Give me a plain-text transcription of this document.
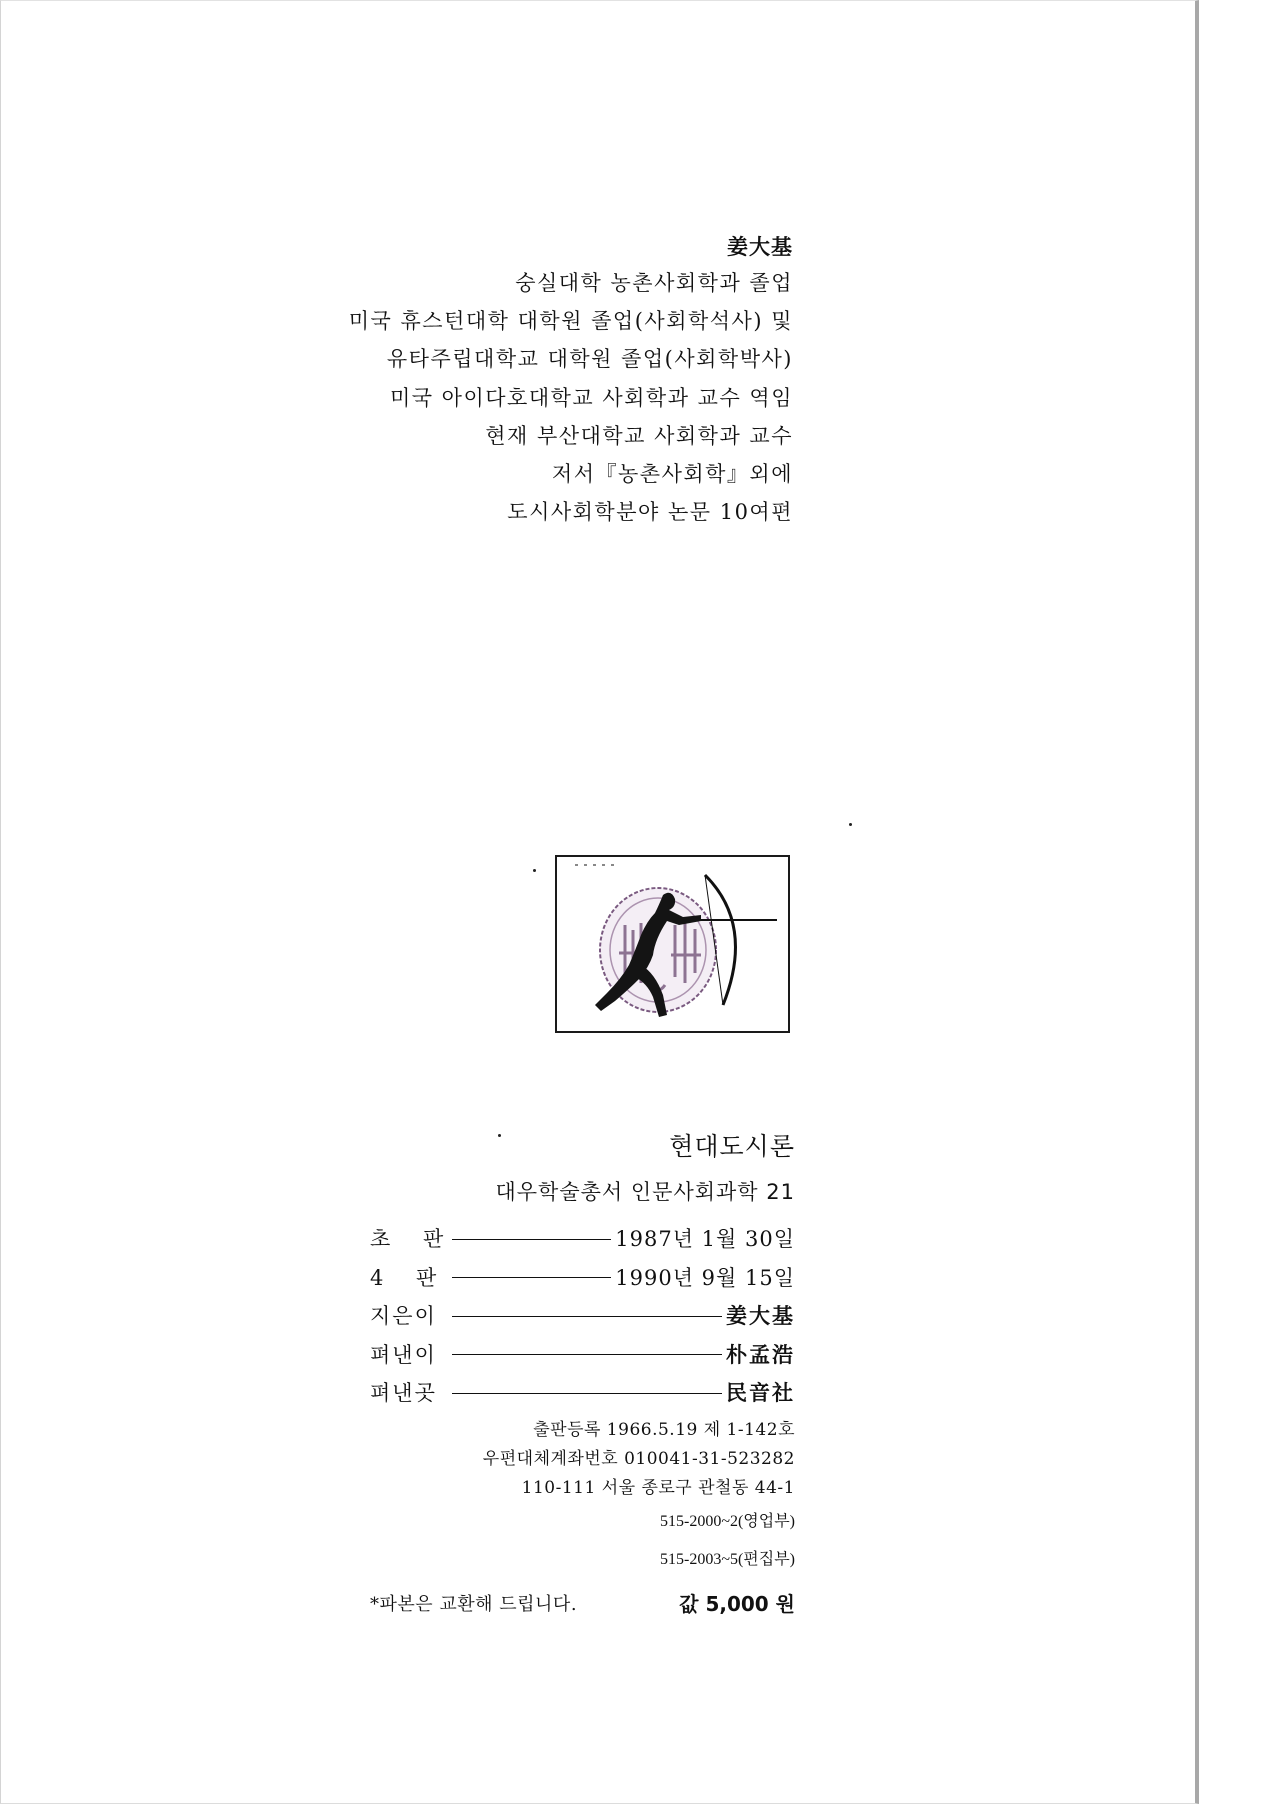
姜大基
숭실대학 농촌사회학과 졸업
미국 휴스턴대학 대학원 졸업(사회학석사) 및
유타주립대학교 대학원 졸업(사회학박사)
미국 아이다호대학교 사회학과 교수 역임
현재 부산대학교 사회학과 교수
저서『농촌사회학』외에
도시사회학분야 논문 10여편
현대도시론
대우학술총서 인문사회과학 21
초 판	1987년 1월 30일
4 판	1990년 9월 15일
지은이	姜大基
펴낸이	朴孟浩
펴낸곳	民音社
출판등록 1966.5.19 제 1-142호
우편대체계좌번호 010041-31-523282
110-111 서울 종로구 관철동 44-1
515-2000~2(영업부)
515-2003~5(편집부)
*파본은 교환해 드립니다.	값 5,000 원
